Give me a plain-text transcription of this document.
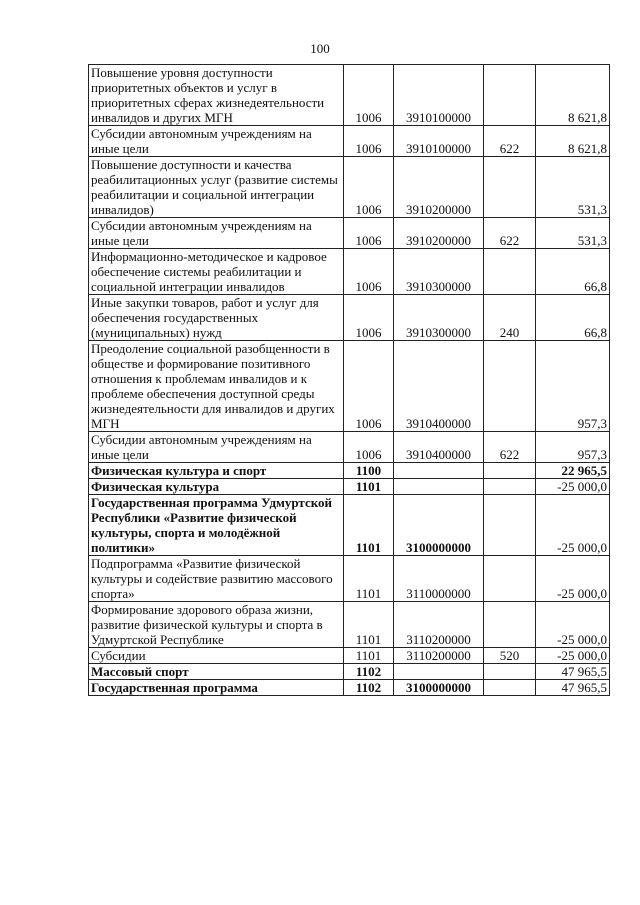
100
Повышение уровня доступности приоритетных объектов и услуг в приоритетных сферах жизнедеятельности инвалидов и других МГН	1006	3910100000		8 621,8
Субсидии автономным учреждениям на иные цели	1006	3910100000	622	8 621,8
Повышение доступности и качества реабилитационных услуг (развитие системы реабилитации и социальной интеграции инвалидов)	1006	3910200000		531,3
Субсидии автономным учреждениям на иные цели	1006	3910200000	622	531,3
Информационно-методическое и кадровое обеспечение системы реабилитации и социальной интеграции инвалидов	1006	3910300000		66,8
Иные закупки товаров, работ и услуг для обеспечения государственных (муниципальных) нужд	1006	3910300000	240	66,8
Преодоление социальной разобщенности в обществе и формирование позитивного отношения к проблемам инвалидов и к проблеме обеспечения доступной среды жизнедеятельности для инвалидов и других МГН	1006	3910400000		957,3
Субсидии автономным учреждениям на иные цели	1006	3910400000	622	957,3
Физическая культура и спорт	1100			22 965,5
Физическая культура	1101			-25 000,0
Государственная программа Удмуртской Республики «Развитие физической культуры, спорта и молодёжной политики»	1101	3100000000		-25 000,0
Подпрограмма «Развитие физической культуры и содействие развитию массового спорта»	1101	3110000000		-25 000,0
Формирование здорового образа жизни, развитие физической культуры и спорта в Удмуртской Республике	1101	3110200000		-25 000,0
Субсидии	1101	3110200000	520	-25 000,0
Массовый спорт	1102			47 965,5
Государственная программа	1102	3100000000		47 965,5
